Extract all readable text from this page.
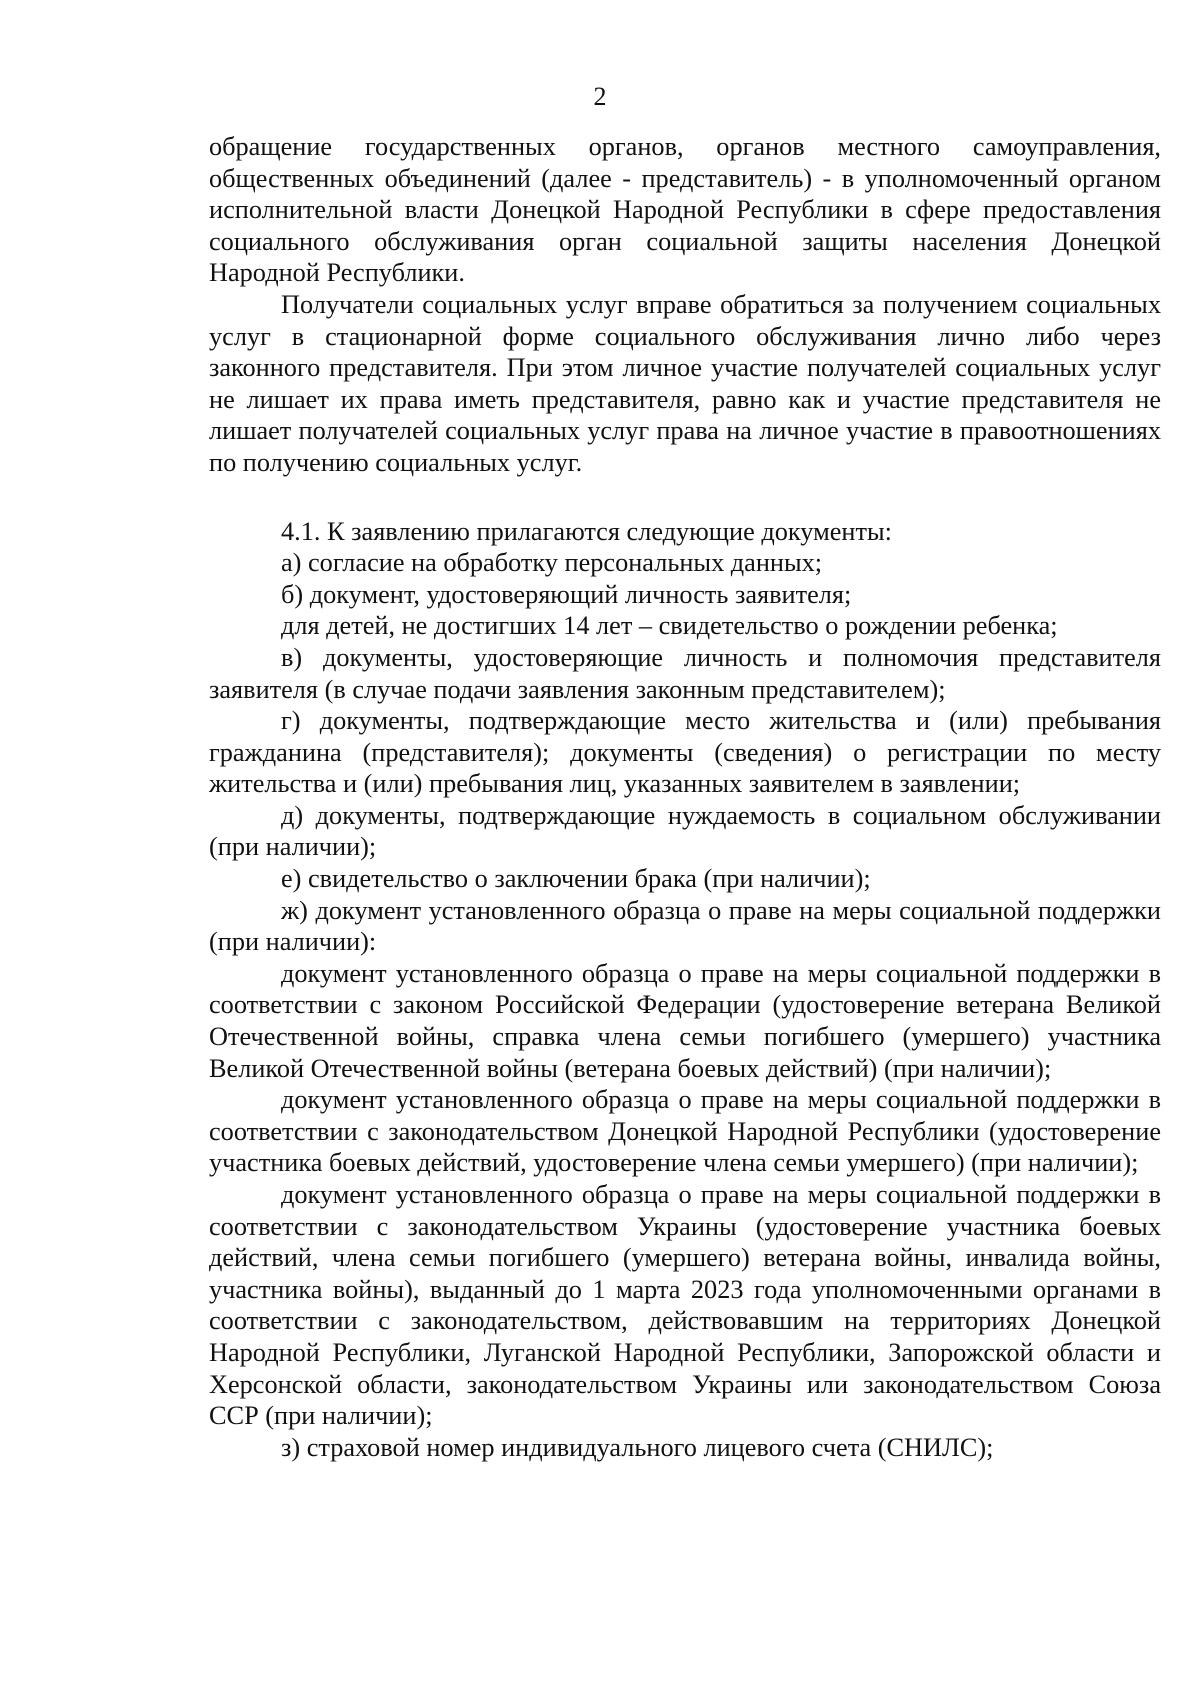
2

обращение государственных органов, органов местного самоуправления, общественных объединений (далее - представитель) - в уполномоченный органом исполнительной власти Донецкой Народной Республики в сфере предоставления социального обслуживания орган социальной защиты населения Донецкой Народной Республики.

Получатели социальных услуг вправе обратиться за получением социальных услуг в стационарной форме социального обслуживания лично либо через законного представителя. При этом личное участие получателей социальных услуг не лишает их права иметь представителя, равно как и участие представителя не лишает получателей социальных услуг права на личное участие в правоотношениях по получению социальных услуг.

4.1. К заявлению прилагаются следующие документы:

а) согласие на обработку персональных данных;

б) документ, удостоверяющий личность заявителя;

для детей, не достигших 14 лет – свидетельство о рождении ребенка;

в) документы, удостоверяющие личность и полномочия представителя заявителя (в случае подачи заявления законным представителем);

г) документы, подтверждающие место жительства и (или) пребывания гражданина (представителя); документы (сведения) о регистрации по месту жительства и (или) пребывания лиц, указанных заявителем в заявлении;

д) документы, подтверждающие нуждаемость в социальном обслуживании (при наличии);

е) свидетельство о заключении брака (при наличии);

ж) документ установленного образца о праве на меры социальной поддержки (при наличии):

документ установленного образца о праве на меры социальной поддержки в соответствии с законом Российской Федерации (удостоверение ветерана Великой Отечественной войны, справка члена семьи погибшего (умершего) участника Великой Отечественной войны (ветерана боевых действий) (при наличии);

документ установленного образца о праве на меры социальной поддержки в соответствии с законодательством Донецкой Народной Республики (удостоверение участника боевых действий, удостоверение члена семьи умершего) (при наличии);

документ установленного образца о праве на меры социальной поддержки в соответствии с законодательством Украины (удостоверение участника боевых действий, члена семьи погибшего (умершего) ветерана войны, инвалида войны, участника войны), выданный до 1 марта 2023 года уполномоченными органами в соответствии с законодательством, действовавшим на территориях Донецкой Народной Республики, Луганской Народной Республики, Запорожской области и Херсонской области, законодательством Украины или законодательством Союза ССР (при наличии);

з) страховой номер индивидуального лицевого счета (СНИЛС);
